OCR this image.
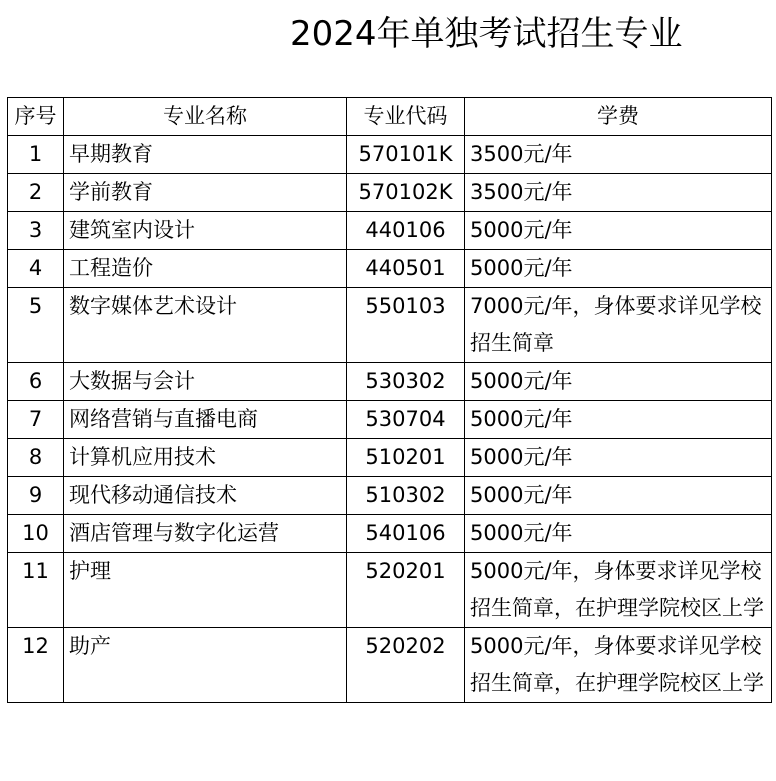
2024年单独考试招生专业
序号	专业名称	专业代码	学费
1	早期教育	570101K	3500元/年
2	学前教育	570102K	3500元/年
3	建筑室内设计	440106	5000元/年
4	工程造价	440501	5000元/年
5	数字媒体艺术设计	550103	7000元/年，身体要求详见学校招生简章
6	大数据与会计	530302	5000元/年
7	网络营销与直播电商	530704	5000元/年
8	计算机应用技术	510201	5000元/年
9	现代移动通信技术	510302	5000元/年
10	酒店管理与数字化运营	540106	5000元/年
11	护理	520201	5000元/年，身体要求详见学校招生简章，在护理学院校区上学
12	助产	520202	5000元/年，身体要求详见学校招生简章，在护理学院校区上学
